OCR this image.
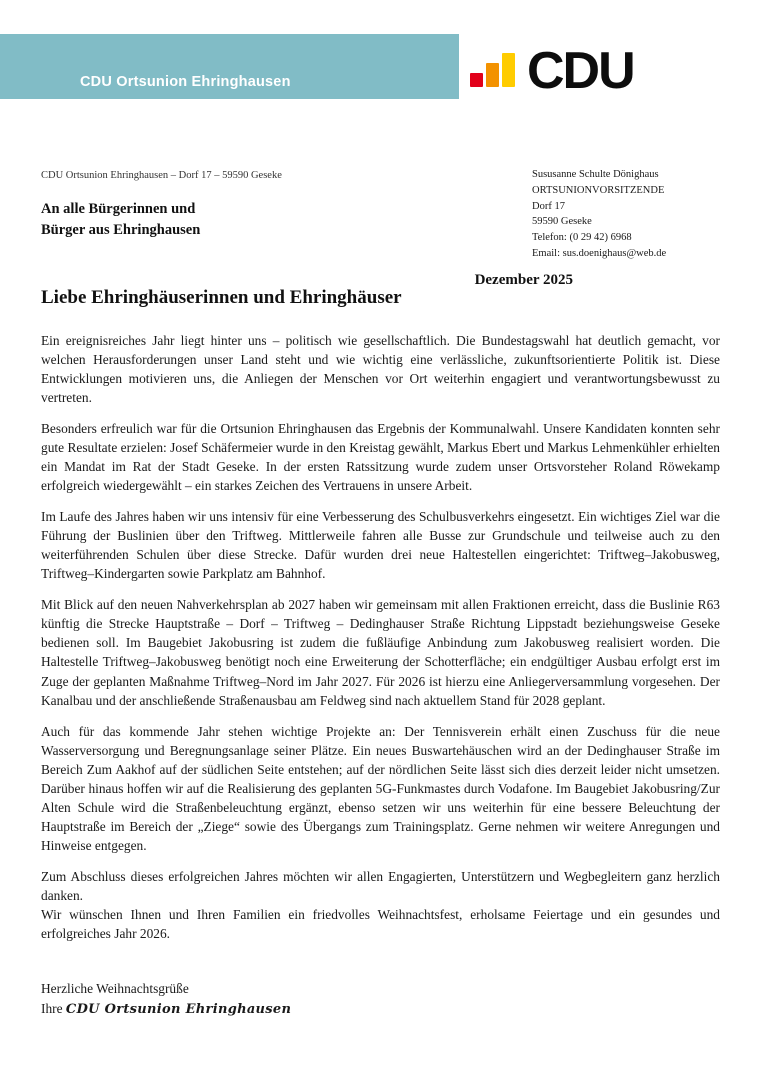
CDU Ortsunion Ehringhausen	CDU
CDU Ortsunion Ehringhausen – Dorf 17 – 59590 Geseke
An alle Bürgerinnen und
Bürger aus Ehringhausen
Sususanne Schulte Dönighaus
ORTSUNIONVORSITZENDE
Dorf 17
59590 Geseke
Telefon: (0 29 42) 6968
Email: sus.doenighaus@web.de
Dezember 2025
Liebe Ehringhäuserinnen und Ehringhäuser

Ein ereignisreiches Jahr liegt hinter uns – politisch wie gesellschaftlich. Die Bundestagswahl hat deutlich gemacht, vor welchen Herausforderungen unser Land steht und wie wichtig eine verlässliche, zukunftsorientierte Politik ist. Diese Entwicklungen motivieren uns, die Anliegen der Menschen vor Ort weiterhin engagiert und verantwortungsbewusst zu vertreten.

Besonders erfreulich war für die Ortsunion Ehringhausen das Ergebnis der Kommunalwahl. Unsere Kandidaten konnten sehr gute Resultate erzielen: Josef Schäfermeier wurde in den Kreistag gewählt, Markus Ebert und Markus Lehmenkühler erhielten ein Mandat im Rat der Stadt Geseke. In der ersten Ratssitzung wurde zudem unser Ortsvorsteher Roland Röwekamp erfolgreich wiedergewählt – ein starkes Zeichen des Vertrauens in unsere Arbeit.

Im Laufe des Jahres haben wir uns intensiv für eine Verbesserung des Schulbusverkehrs eingesetzt. Ein wichtiges Ziel war die Führung der Buslinien über den Triftweg. Mittlerweile fahren alle Busse zur Grundschule und teilweise auch zu den weiterführenden Schulen über diese Strecke. Dafür wurden drei neue Haltestellen eingerichtet: Triftweg–Jakobusweg, Triftweg–Kindergarten sowie Parkplatz am Bahnhof.

Mit Blick auf den neuen Nahverkehrsplan ab 2027 haben wir gemeinsam mit allen Fraktionen erreicht, dass die Buslinie R63 künftig die Strecke Hauptstraße – Dorf – Triftweg – Dedinghauser Straße Richtung Lippstadt beziehungsweise Geseke bedienen soll. Im Baugebiet Jakobusring ist zudem die fußläufige Anbindung zum Jakobusweg realisiert worden. Die Haltestelle Triftweg–Jakobusweg benötigt noch eine Erweiterung der Schotterfläche; ein endgültiger Ausbau erfolgt erst im Zuge der geplanten Maßnahme Triftweg–Nord im Jahr 2027. Für 2026 ist hierzu eine Anliegerversammlung vorgesehen. Der Kanalbau und der anschließende Straßenausbau am Feldweg sind nach aktuellem Stand für 2028 geplant.

Auch für das kommende Jahr stehen wichtige Projekte an: Der Tennisverein erhält einen Zuschuss für die neue Wasserversorgung und Beregnungsanlage seiner Plätze. Ein neues Buswartehäuschen wird an der Dedinghauser Straße im Bereich Zum Aakhof auf der südlichen Seite entstehen; auf der nördlichen Seite lässt sich dies derzeit leider nicht umsetzen. Darüber hinaus hoffen wir auf die Realisierung des geplanten 5G-Funkmastes durch Vodafone. Im Baugebiet Jakobusring/Zur Alten Schule wird die Straßenbeleuchtung ergänzt, ebenso setzen wir uns weiterhin für eine bessere Beleuchtung der Hauptstraße im Bereich der „Ziege“ sowie des Übergangs zum Trainingsplatz. Gerne nehmen wir weitere Anregungen und Hinweise entgegen.

Zum Abschluss dieses erfolgreichen Jahres möchten wir allen Engagierten, Unterstützern und Wegbegleitern ganz herzlich danken.
Wir wünschen Ihnen und Ihren Familien ein friedvolles Weihnachtsfest, erholsame Feiertage und ein gesundes und erfolgreiches Jahr 2026.

Herzliche Weihnachtsgrüße
Ihre CDU Ortsunion Ehringhausen
